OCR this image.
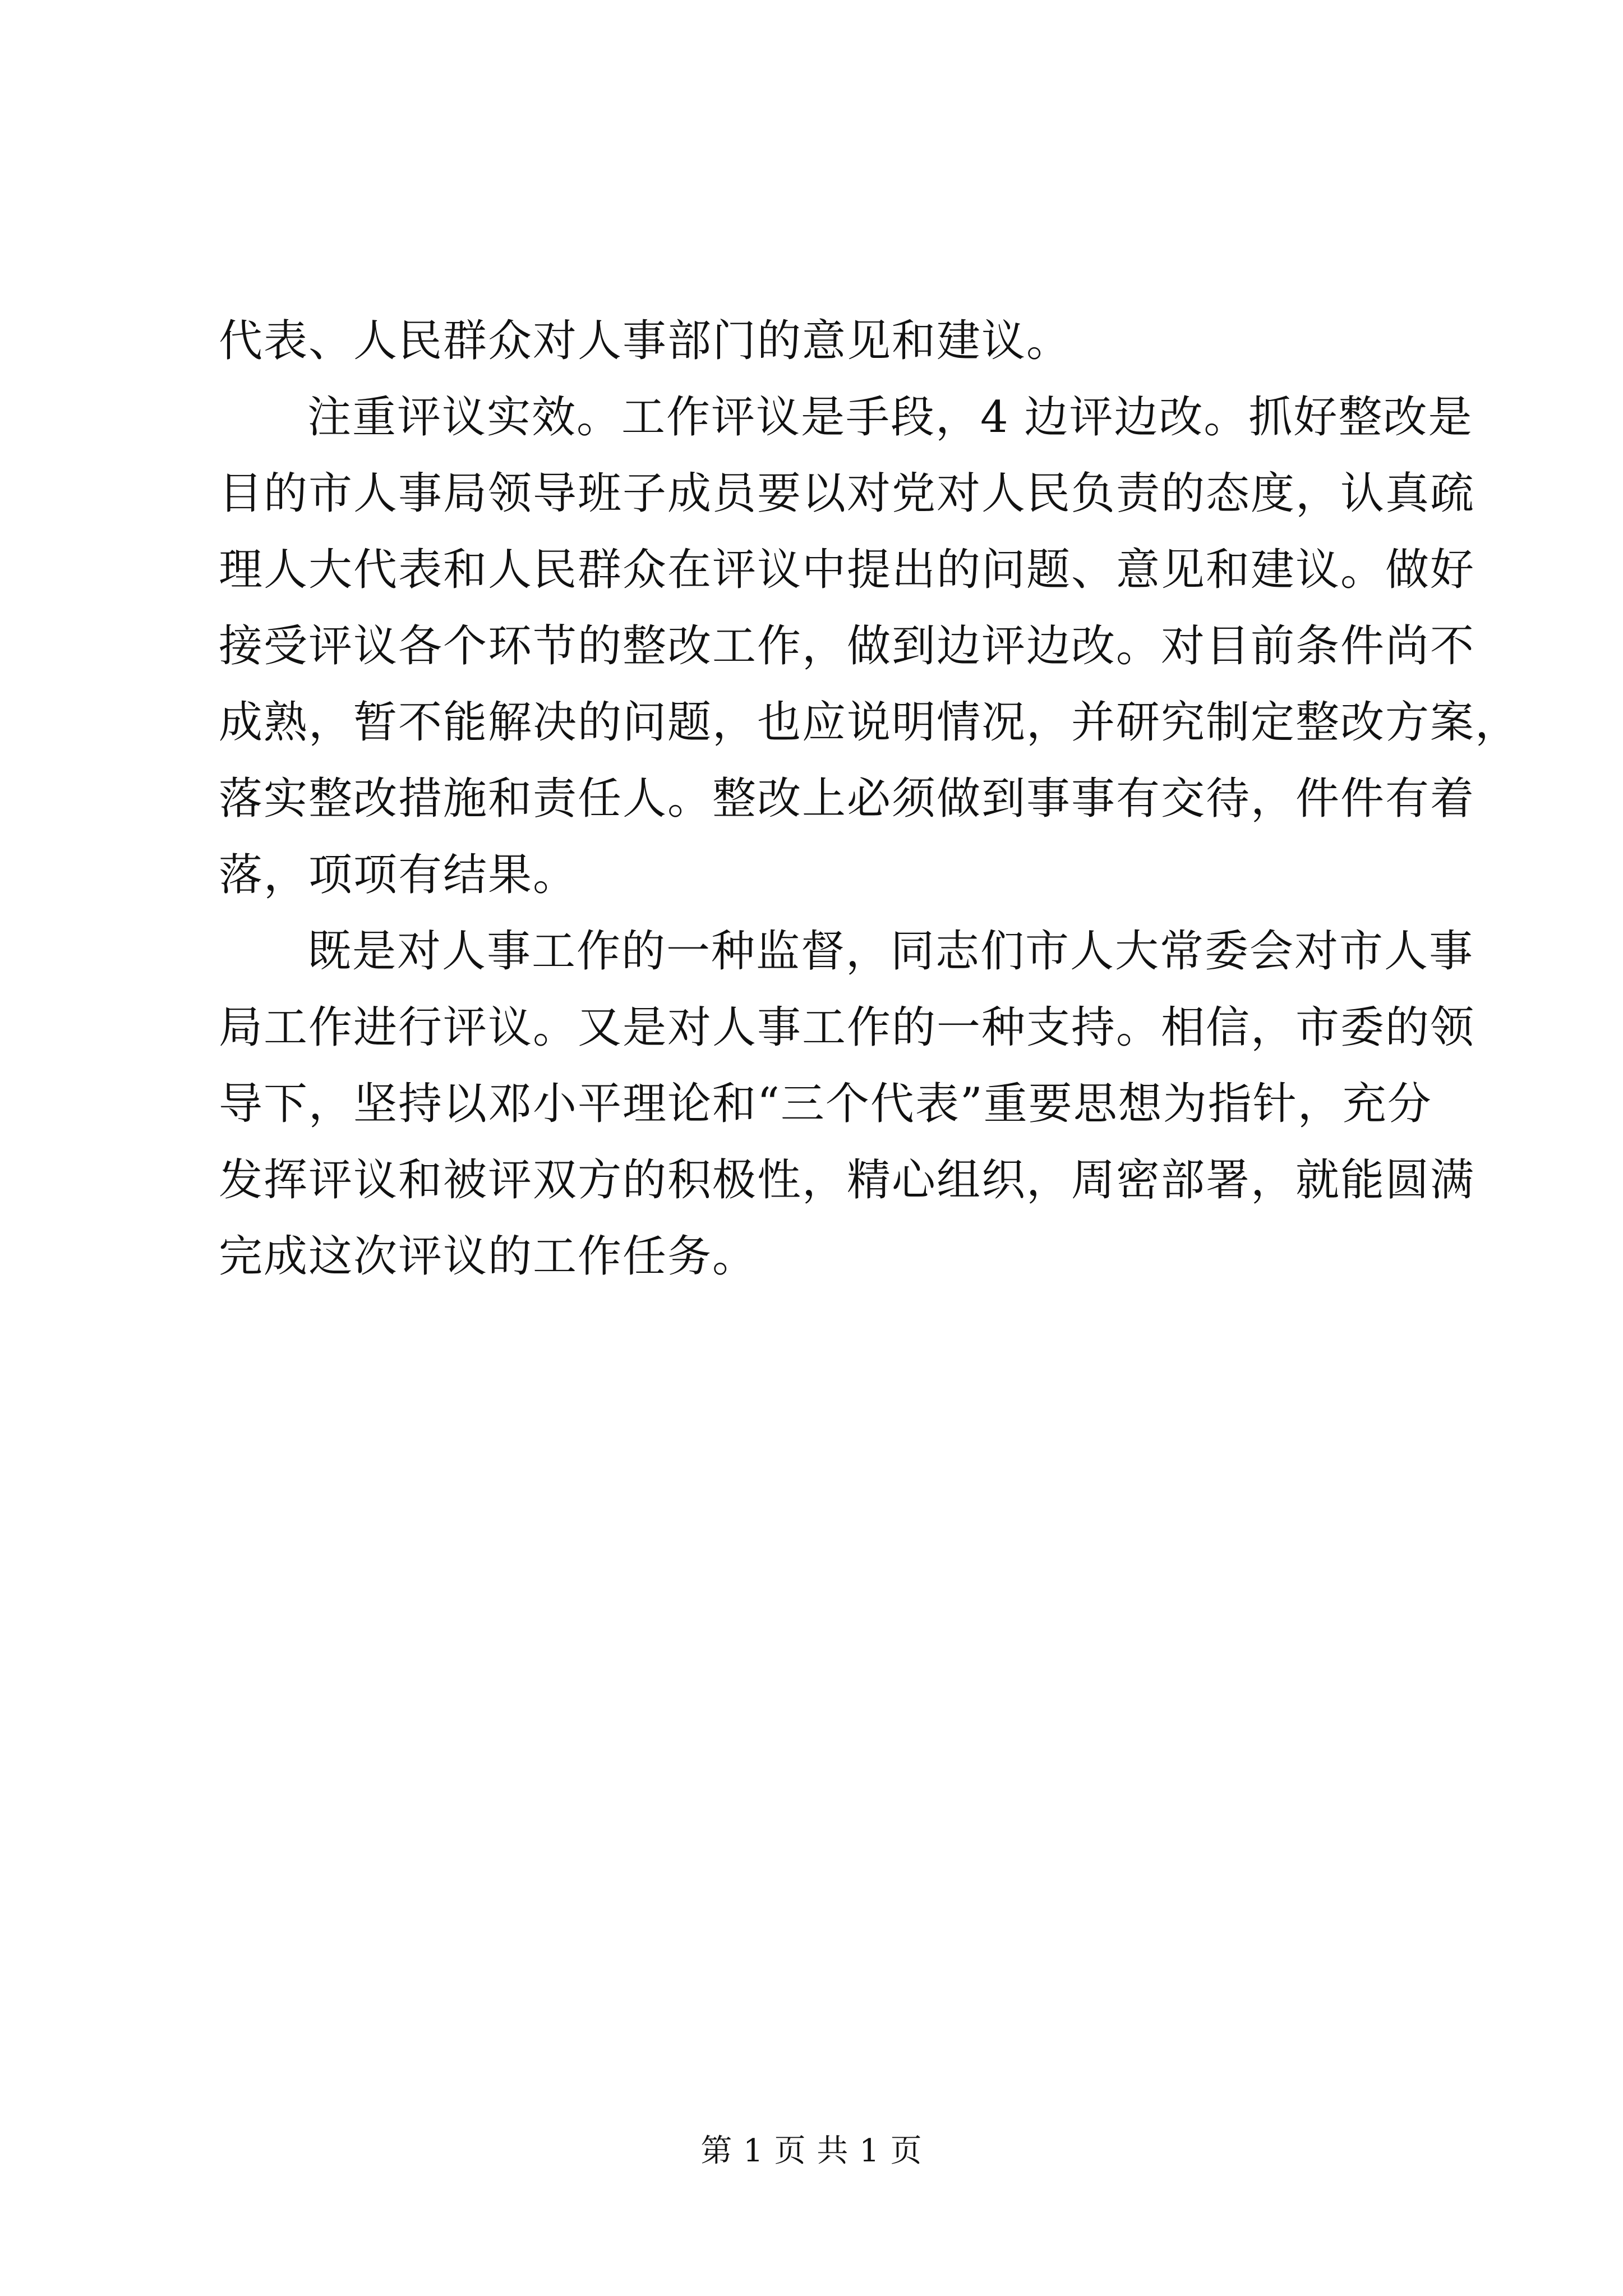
代表、人民群众对人事部门的意见和建议。
注重评议实效。工作评议是手段，4 边评边改。抓好整改是
目的市人事局领导班子成员要以对党对人民负责的态度，认真疏
理人大代表和人民群众在评议中提出的问题、意见和建议。做好
接受评议各个环节的整改工作，做到边评边改。对目前条件尚不
成熟，暂不能解决的问题，也应说明情况，并研究制定整改方案，
落实整改措施和责任人。整改上必须做到事事有交待，件件有着
落，项项有结果。
既是对人事工作的一种监督，同志们市人大常委会对市人事
局工作进行评议。又是对人事工作的一种支持。相信，市委的领
导下，坚持以邓小平理论和“三个代表”重要思想为指针，充分
发挥评议和被评双方的积极性，精心组织，周密部署，就能圆满
完成这次评议的工作任务。
第 1 页 共 1 页
